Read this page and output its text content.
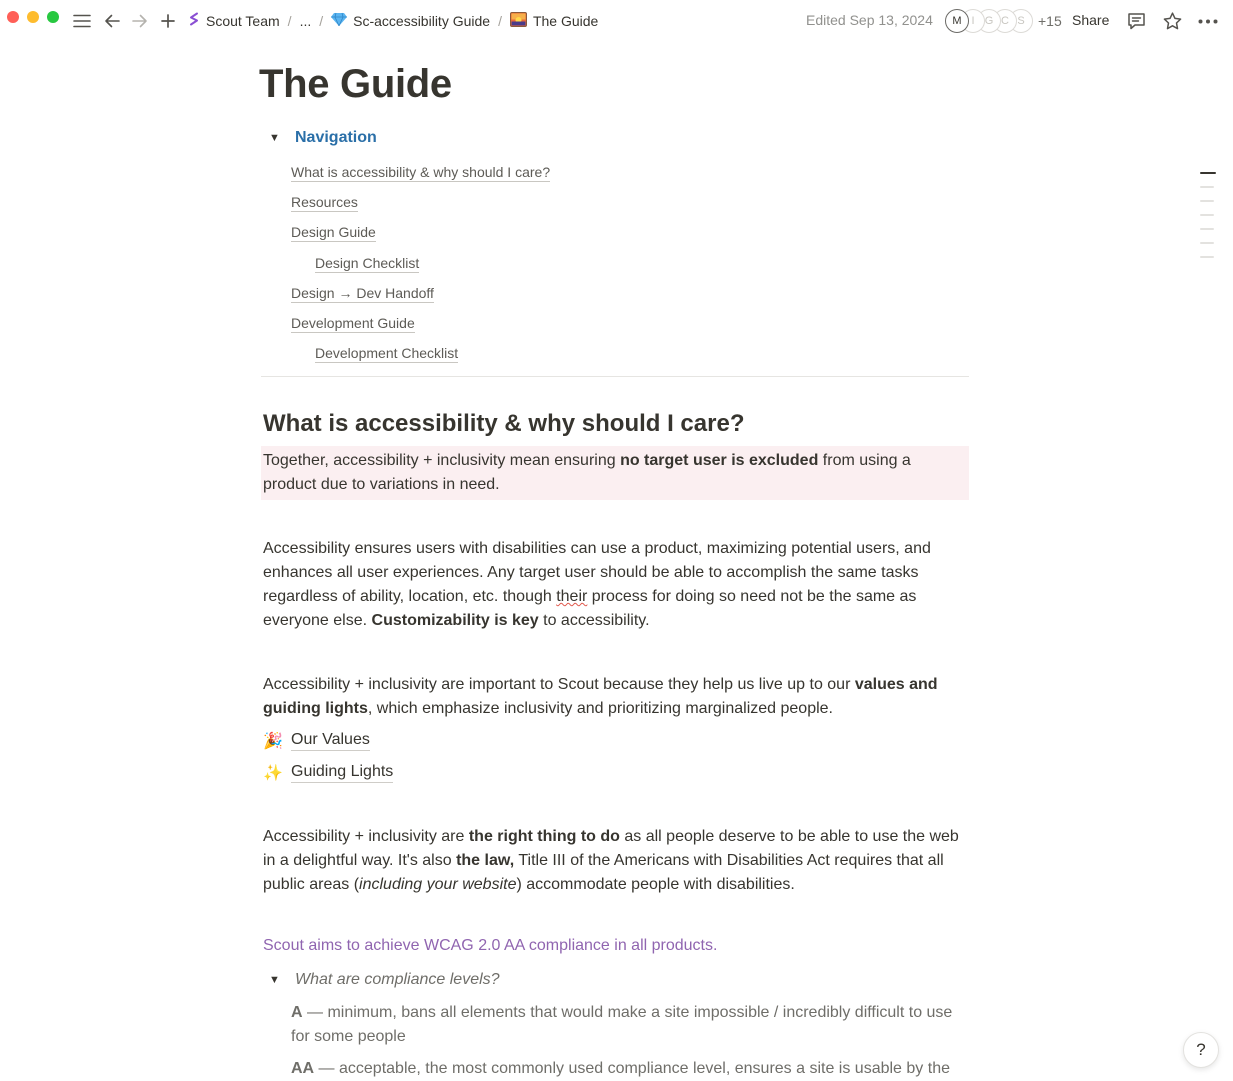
Scout Team / ... / Sc-accessibility Guide / The Guide	Edited Sep 13, 2024	M I G C S +15 Share
The Guide
▼ Navigation
What is accessibility & why should I care?
Resources
Design Guide
Design Checklist
Design → Dev Handoff
Development Guide
Development Checklist
What is accessibility & why should I care?

Together, accessibility + inclusivity mean ensuring no target user is excluded from using a product due to variations in need.

Accessibility ensures users with disabilities can use a product, maximizing potential users, and enhances all user experiences. Any target user should be able to accomplish the same tasks regardless of ability, location, etc. though their process for doing so need not be the same as everyone else. Customizability is key to accessibility.

Accessibility + inclusivity are important to Scout because they help us live up to our values and guiding lights, which emphasize inclusivity and prioritizing marginalized people.

🎉 Our Values
✨ Guiding Lights

Accessibility + inclusivity are the right thing to do as all people deserve to be able to use the web in a delightful way. It's also the law, Title III of the Americans with Disabilities Act requires that all public areas (including your website) accommodate people with disabilities.

Scout aims to achieve WCAG 2.0 AA compliance in all products.

▼ What are compliance levels?

A — minimum, bans all elements that would make a site impossible / incredibly difficult to use for some people

AA — acceptable, the most commonly used compliance level, ensures a site is usable by the

?
